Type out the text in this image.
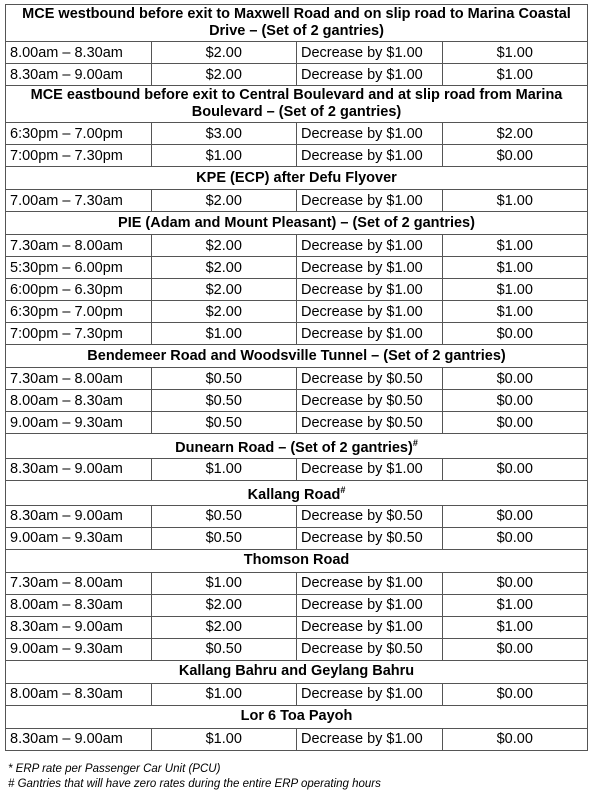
MCE westbound before exit to Maxwell Road and on slip road to Marina Coastal Drive – (Set of 2 gantries)			
8.00am – 8.30am	$2.00	Decrease by $1.00	$1.00
8.30am – 9.00am	$2.00	Decrease by $1.00	$1.00
MCE eastbound before exit to Central Boulevard and at slip road from Marina Boulevard – (Set of 2 gantries)			
6:30pm – 7.00pm	$3.00	Decrease by $1.00	$2.00
7:00pm – 7.30pm	$1.00	Decrease by $1.00	$0.00
KPE (ECP) after Defu Flyover			
7.00am – 7.30am	$2.00	Decrease by $1.00	$1.00
PIE (Adam and Mount Pleasant) – (Set of 2 gantries)			
7.30am – 8.00am	$2.00	Decrease by $1.00	$1.00
5:30pm – 6.00pm	$2.00	Decrease by $1.00	$1.00
6:00pm – 6.30pm	$2.00	Decrease by $1.00	$1.00
6:30pm – 7.00pm	$2.00	Decrease by $1.00	$1.00
7:00pm – 7.30pm	$1.00	Decrease by $1.00	$0.00
Bendemeer Road and Woodsville Tunnel – (Set of 2 gantries)			
7.30am – 8.00am	$0.50	Decrease by $0.50	$0.00
8.00am – 8.30am	$0.50	Decrease by $0.50	$0.00
9.00am – 9.30am	$0.50	Decrease by $0.50	$0.00
Dunearn Road – (Set of 2 gantries)#
8.30am – 9.00am	$1.00	Decrease by $1.00	$0.00
Kallang Road#
8.30am – 9.00am	$0.50	Decrease by $0.50	$0.00
9.00am – 9.30am	$0.50	Decrease by $0.50	$0.00
Thomson Road			
7.30am – 8.00am	$1.00	Decrease by $1.00	$0.00
8.00am – 8.30am	$2.00	Decrease by $1.00	$1.00
8.30am – 9.00am	$2.00	Decrease by $1.00	$1.00
9.00am – 9.30am	$0.50	Decrease by $0.50	$0.00
Kallang Bahru and Geylang Bahru			
8.00am – 8.30am	$1.00	Decrease by $1.00	$0.00
Lor 6 Toa Payoh			
8.30am – 9.00am	$1.00	Decrease by $1.00	$0.00
* ERP rate per Passenger Car Unit (PCU)
# Gantries that will have zero rates during the entire ERP operating hours
